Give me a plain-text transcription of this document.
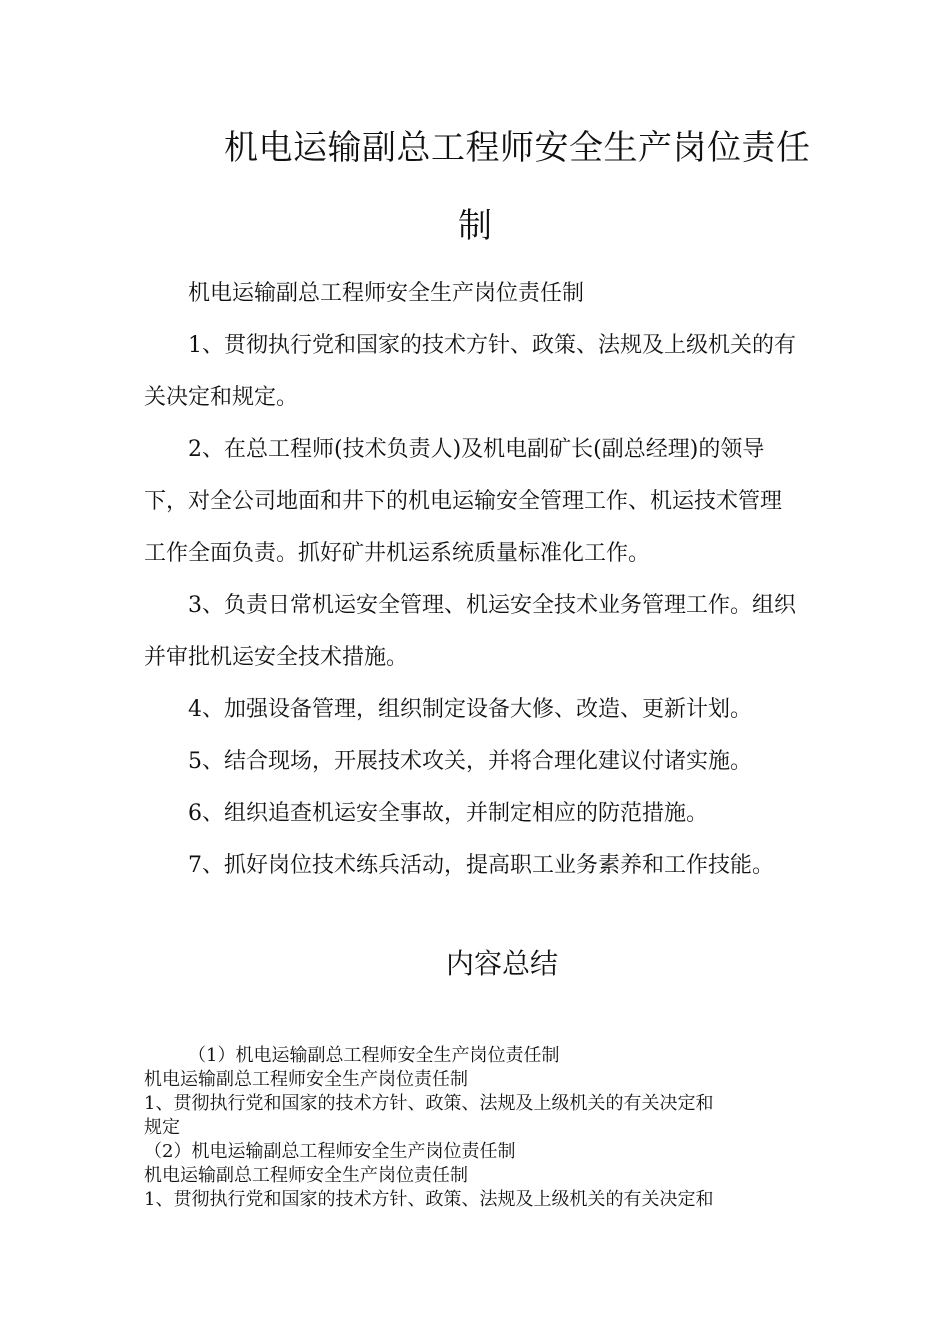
机电运输副总工程师安全生产岗位责任
制
机电运输副总工程师安全生产岗位责任制
1、贯彻执行党和国家的技术方针、政策、法规及上级机关的有
关决定和规定。
2、在总工程师(技术负责人)及机电副矿长(副总经理)的领导
下，对全公司地面和井下的机电运输安全管理工作、机运技术管理
工作全面负责。抓好矿井机运系统质量标准化工作。
3、负责日常机运安全管理、机运安全技术业务管理工作。组织
并审批机运安全技术措施。
4、加强设备管理，组织制定设备大修、改造、更新计划。
5、结合现场，开展技术攻关，并将合理化建议付诸实施。
6、组织追查机运安全事故，并制定相应的防范措施。
7、抓好岗位技术练兵活动，提高职工业务素养和工作技能。
内容总结
（1）机电运输副总工程师安全生产岗位责任制
机电运输副总工程师安全生产岗位责任制
1、贯彻执行党和国家的技术方针、政策、法规及上级机关的有关决定和
规定
（2）机电运输副总工程师安全生产岗位责任制
机电运输副总工程师安全生产岗位责任制
1、贯彻执行党和国家的技术方针、政策、法规及上级机关的有关决定和
